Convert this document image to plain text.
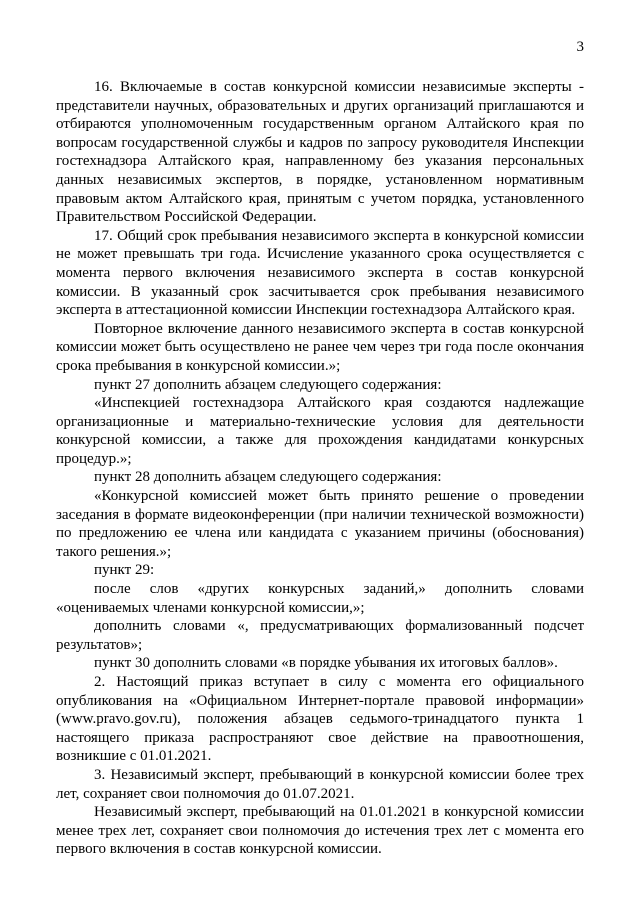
3

16. Включаемые в состав конкурсной комиссии независимые эксперты - представители научных, образовательных и других организаций приглашаются и отбираются уполномоченным государственным органом Алтайского края по вопросам государственной службы и кадров по запросу руководителя Инспекции гостехнадзора Алтайского края, направленному без указания персональных данных независимых экспертов, в порядке, установленном нормативным правовым актом Алтайского края, принятым с учетом порядка, установленного Правительством Российской Федерации.

17. Общий срок пребывания независимого эксперта в конкурсной комиссии не может превышать три года. Исчисление указанного срока осуществляется с момента первого включения независимого эксперта в состав конкурсной комиссии. В указанный срок засчитывается срок пребывания независимого эксперта в аттестационной комиссии Инспекции гостехнадзора Алтайского края.

Повторное включение данного независимого эксперта в состав конкурсной комиссии может быть осуществлено не ранее чем через три года после окончания срока пребывания в конкурсной комиссии.»;

пункт 27 дополнить абзацем следующего содержания:

«Инспекцией гостехнадзора Алтайского края создаются надлежащие организационные и материально-технические условия для деятельности конкурсной комиссии, а также для прохождения кандидатами конкурсных процедур.»;

пункт 28 дополнить абзацем следующего содержания:

«Конкурсной комиссией может быть принято решение о проведении заседания в формате видеоконференции (при наличии технической возможности) по предложению ее члена или кандидата с указанием причины (обоснования) такого решения.»;

пункт 29:

после слов «других конкурсных заданий,» дополнить словами «оцениваемых членами конкурсной комиссии,»;

дополнить словами «, предусматривающих формализованный подсчет результатов»;

пункт 30 дополнить словами «в порядке убывания их итоговых баллов».

2. Настоящий приказ вступает в силу с момента его официального опубликования на «Официальном Интернет-портале правовой информации» (www.pravo.gov.ru), положения абзацев седьмого-тринадцатого пункта 1 настоящего приказа распространяют свое действие на правоотношения, возникшие с 01.01.2021.

3. Независимый эксперт, пребывающий в конкурсной комиссии более трех лет, сохраняет свои полномочия до 01.07.2021.

Независимый эксперт, пребывающий на 01.01.2021 в конкурсной комиссии менее трех лет, сохраняет свои полномочия до истечения трех лет с момента его первого включения в состав конкурсной комиссии.
